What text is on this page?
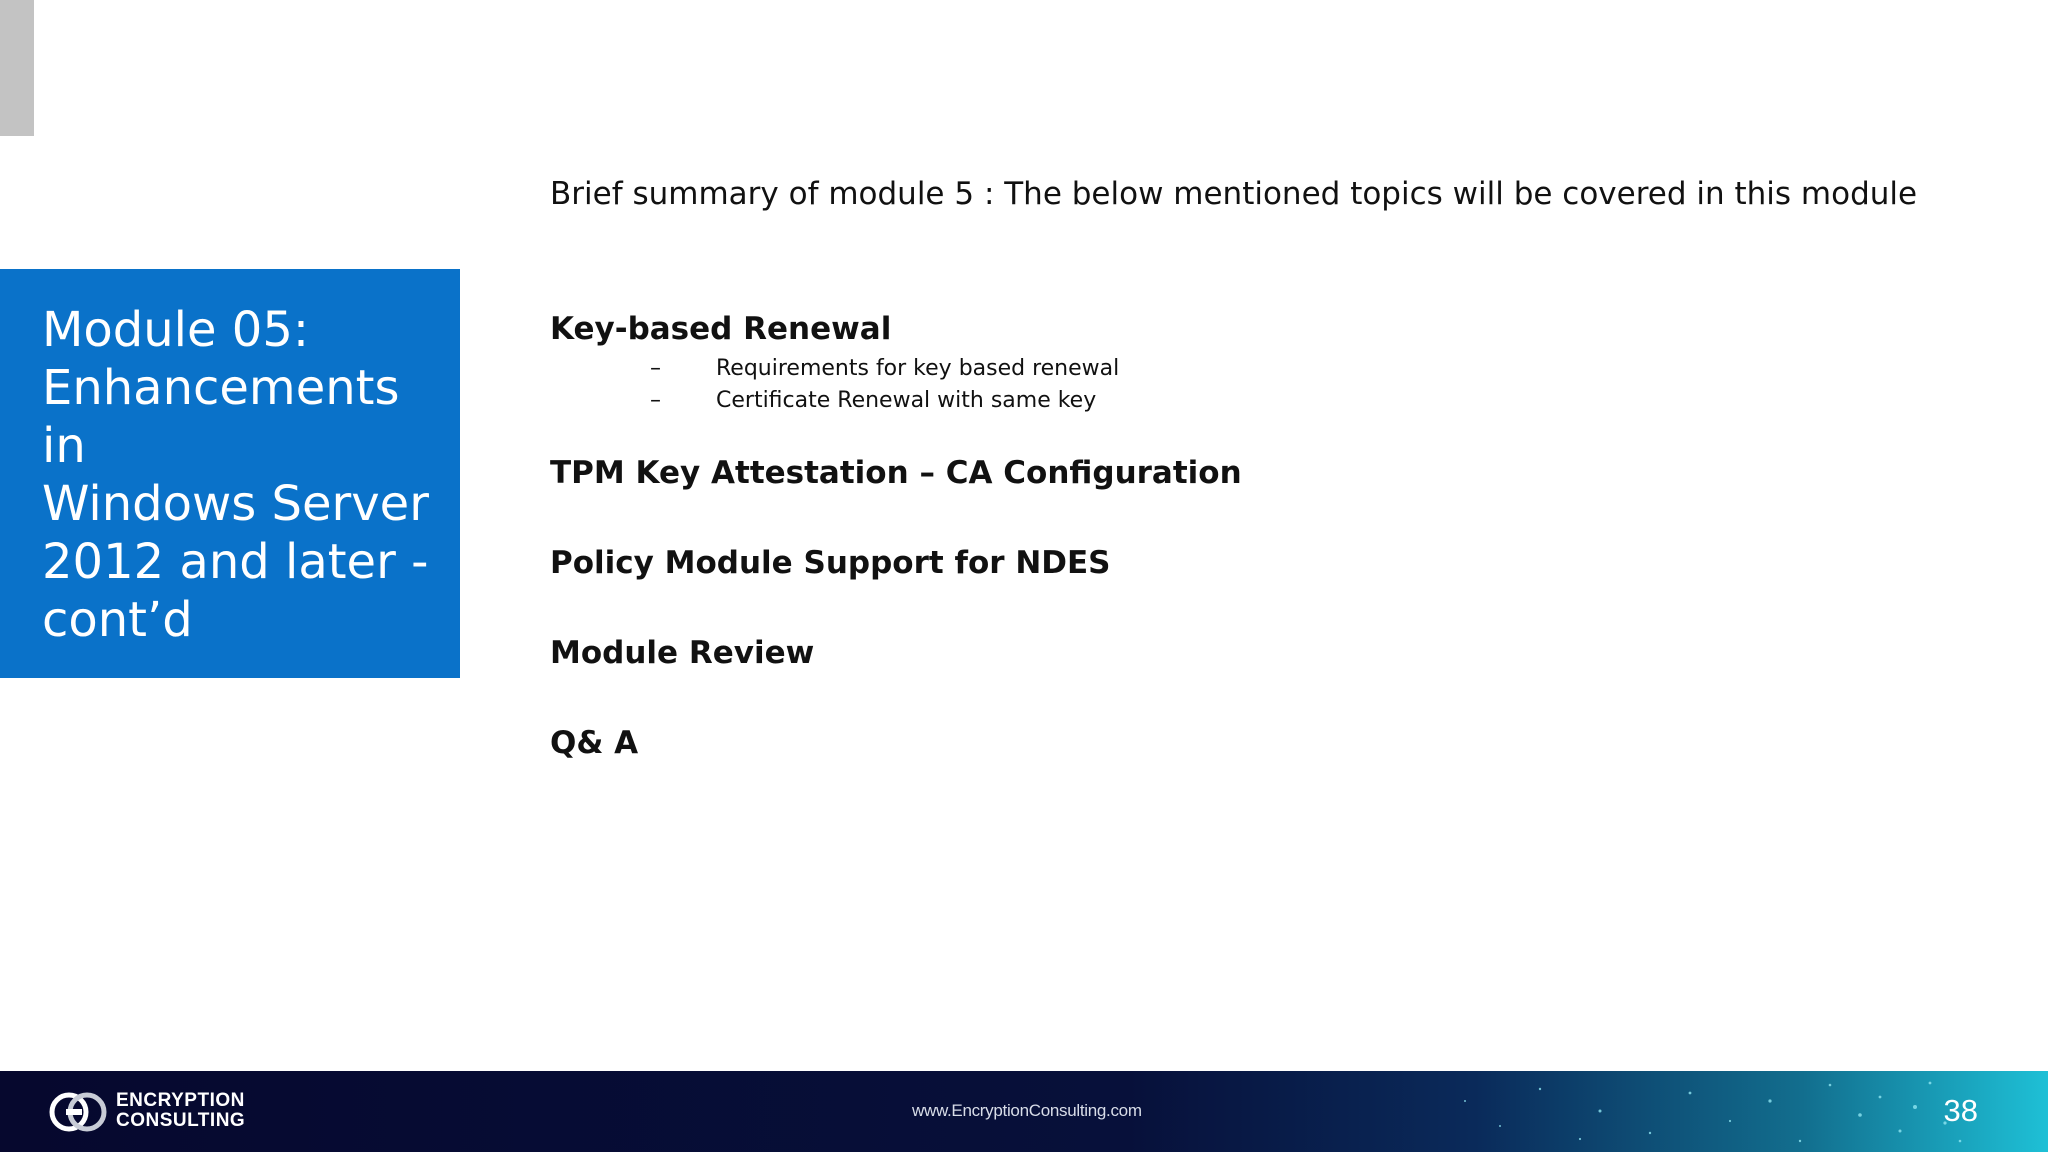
Module 05:
Enhancements
in
Windows Server
2012 and later -
cont’d

Brief summary of module 5 : The below mentioned topics will be covered in this module
Key-based Renewal
–	Requirements for key based renewal
–	Certificate Renewal with same key
TPM Key Attestation – CA Configuration
Policy Module Support for NDES
Module Review
Q& A
ENCRYPTION
CONSULTING	www.EncryptionConsulting.com	38
